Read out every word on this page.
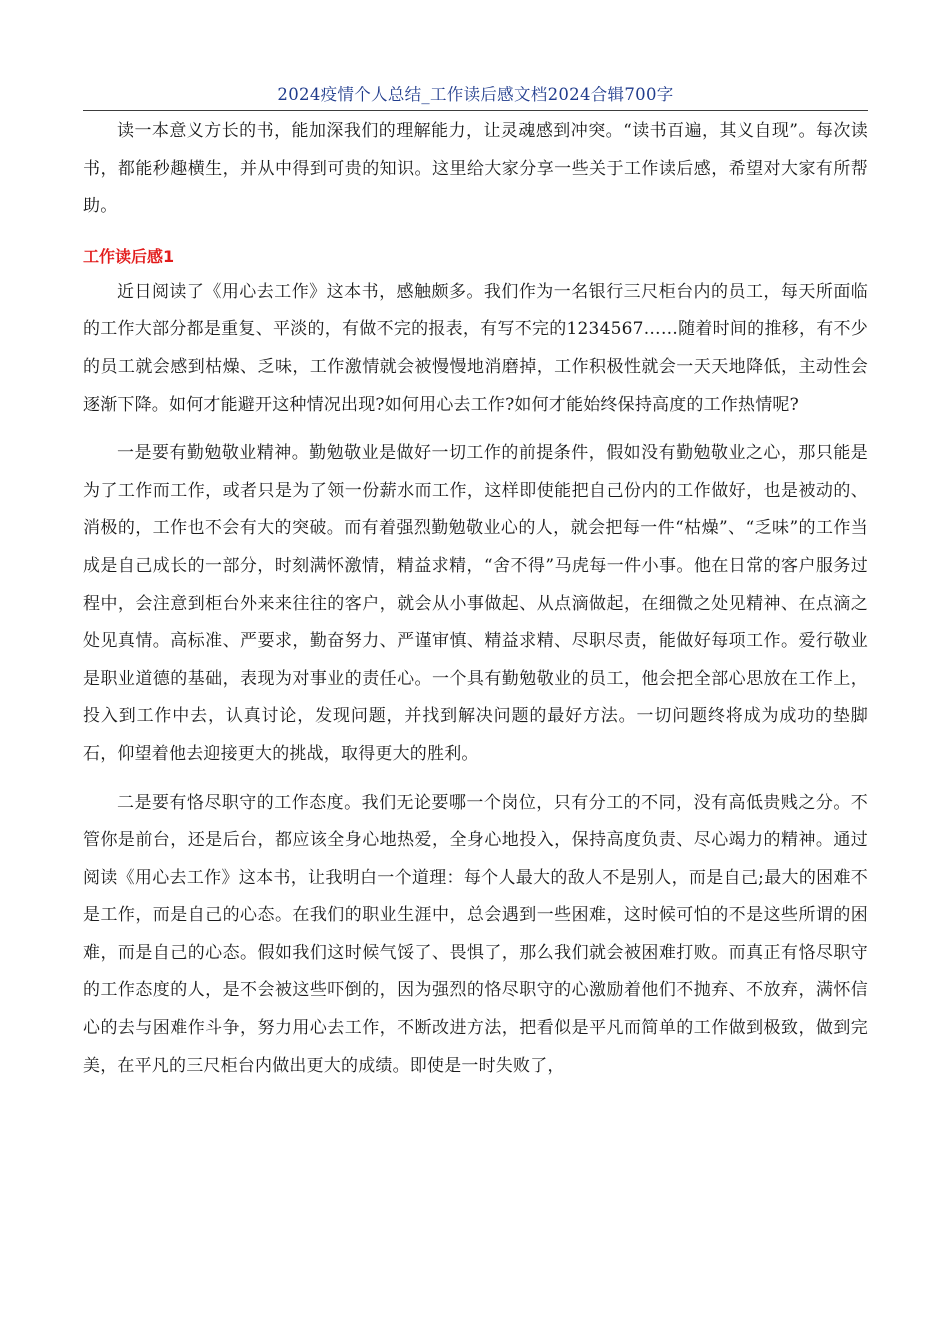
2024疫情个人总结_工作读后感文档2024合辑700字

读一本意义方长的书，能加深我们的理解能力，让灵魂感到冲突。“读书百遍，其义自现”。每次读书，都能秒趣横生，并从中得到可贵的知识。这里给大家分享一些关于工作读后感，希望对大家有所帮助。

工作读后感1

近日阅读了《用心去工作》这本书，感触颇多。我们作为一名银行三尺柜台内的员工，每天所面临的工作大部分都是重复、平淡的，有做不完的报表，有写不完的1234567……随着时间的推移，有不少的员工就会感到枯燥、乏味，工作激情就会被慢慢地消磨掉，工作积极性就会一天天地降低，主动性会逐渐下降。如何才能避开这种情况出现?如何用心去工作?如何才能始终保持高度的工作热情呢?

一是要有勤勉敬业精神。勤勉敬业是做好一切工作的前提条件，假如没有勤勉敬业之心，那只能是为了工作而工作，或者只是为了领一份薪水而工作，这样即使能把自己份内的工作做好，也是被动的、消极的，工作也不会有大的突破。而有着强烈勤勉敬业心的人，就会把每一件“枯燥”、“乏味”的工作当成是自己成长的一部分，时刻满怀激情，精益求精，“舍不得”马虎每一件小事。他在日常的客户服务过程中，会注意到柜台外来来往往的客户，就会从小事做起、从点滴做起，在细微之处见精神、在点滴之处见真情。高标准、严要求，勤奋努力、严谨审慎、精益求精、尽职尽责，能做好每项工作。爱行敬业是职业道德的基础，表现为对事业的责任心。一个具有勤勉敬业的员工，他会把全部心思放在工作上，投入到工作中去，认真讨论，发现问题，并找到解决问题的最好方法。一切问题终将成为成功的垫脚石，仰望着他去迎接更大的挑战，取得更大的胜利。

二是要有恪尽职守的工作态度。我们无论要哪一个岗位，只有分工的不同，没有高低贵贱之分。不管你是前台，还是后台，都应该全身心地热爱，全身心地投入，保持高度负责、尽心竭力的精神。通过阅读《用心去工作》这本书，让我明白一个道理：每个人最大的敌人不是别人，而是自己;最大的困难不是工作，而是自己的心态。在我们的职业生涯中，总会遇到一些困难，这时候可怕的不是这些所谓的困难，而是自己的心态。假如我们这时候气馁了、畏惧了，那么我们就会被困难打败。而真正有恪尽职守的工作态度的人，是不会被这些吓倒的，因为强烈的恪尽职守的心激励着他们不抛弃、不放弃，满怀信心的去与困难作斗争，努力用心去工作，不断改进方法，把看似是平凡而简单的工作做到极致，做到完美，在平凡的三尺柜台内做出更大的成绩。即使是一时失败了，
